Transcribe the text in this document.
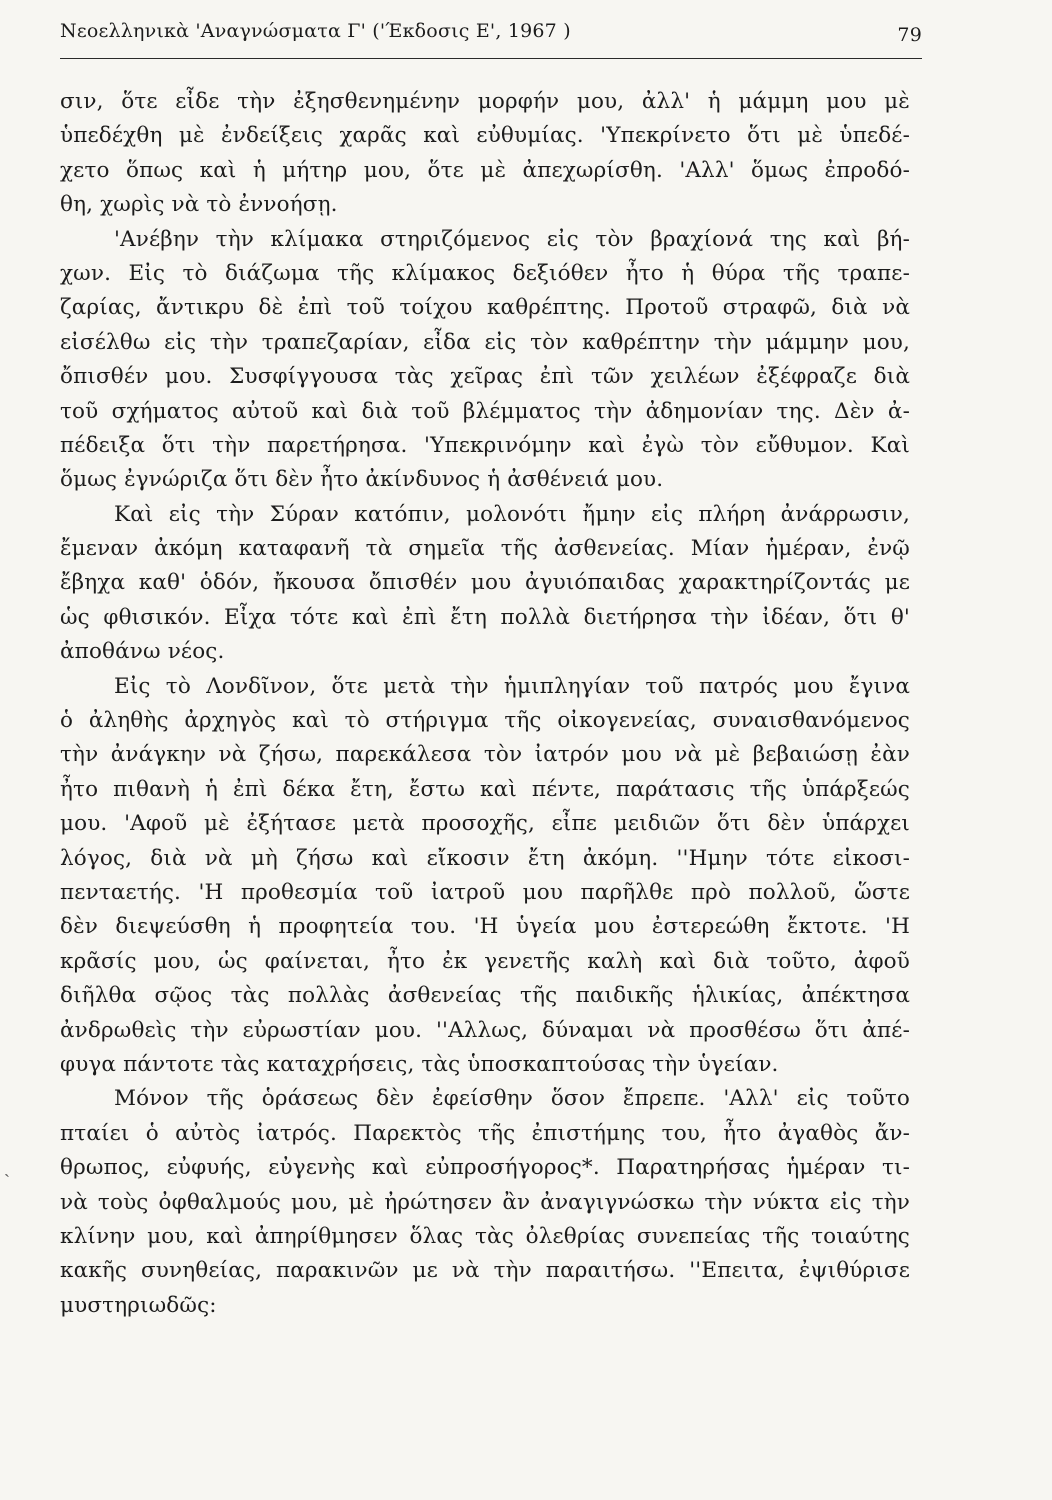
Νεοελληνικὰ 'Αναγνώσματα Γ' ('Έκδοσις Ε', 1967 )	79
ˎ
σιν, ὅτε εἶδε τὴν ἐξησθενημένην μορφήν μου, ἀλλ' ἡ μάμμη μου μὲ
ὑπεδέχθη μὲ ἐνδείξεις χαρᾶς καὶ εὐθυμίας. 'Υπεκρίνετο ὅτι μὲ ὑπεδέ-
χετο ὅπως καὶ ἡ μήτηρ μου, ὅτε μὲ ἀπεχωρίσθη. 'Αλλ' ὅμως ἐπροδό-
θη, χωρὶς νὰ τὸ ἐννοήσῃ.
'Ανέβην τὴν κλίμακα στηριζόμενος εἰς τὸν βραχίονά της καὶ βή-
χων. Εἰς τὸ διάζωμα τῆς κλίμακος δεξιόθεν ἦτο ἡ θύρα τῆς τραπε-
ζαρίας, ἄντικρυ δὲ ἐπὶ τοῦ τοίχου καθρέπτης. Προτοῦ στραφῶ, διὰ νὰ
εἰσέλθω εἰς τὴν τραπεζαρίαν, εἶδα εἰς τὸν καθρέπτην τὴν μάμμην μου,
ὄπισθέν μου. Συσφίγγουσα τὰς χεῖρας ἐπὶ τῶν χειλέων ἐξέφραζε διὰ
τοῦ σχήματος αὐτοῦ καὶ διὰ τοῦ βλέμματος τὴν ἀδημονίαν της. Δὲν ἀ-
πέδειξα ὅτι τὴν παρετήρησα. 'Υπεκρινόμην καὶ ἐγὼ τὸν εὔθυμον. Καὶ
ὅμως ἐγνώριζα ὅτι δὲν ἦτο ἀκίνδυνος ἡ ἀσθένειά μου.
Καὶ εἰς τὴν Σύραν κατόπιν, μολονότι ἤμην εἰς πλήρη ἀνάρρωσιν,
ἔμεναν ἀκόμη καταφανῆ τὰ σημεῖα τῆς ἀσθενείας. Μίαν ἡμέραν, ἐνῷ
ἔβηχα καθ' ὁδόν, ἤκουσα ὄπισθέν μου ἀγυιόπαιδας χαρακτηρίζοντάς με
ὡς φθισικόν. Εἶχα τότε καὶ ἐπὶ ἔτη πολλὰ διετήρησα τὴν ἰδέαν, ὅτι θ'
ἀποθάνω νέος.
Εἰς τὸ Λονδῖνον, ὅτε μετὰ τὴν ἡμιπληγίαν τοῦ πατρός μου ἔγινα
ὁ ἀληθὴς ἀρχηγὸς καὶ τὸ στήριγμα τῆς οἰκογενείας, συναισθανόμενος
τὴν ἀνάγκην νὰ ζήσω, παρεκάλεσα τὸν ἰατρόν μου νὰ μὲ βεβαιώσῃ ἐὰν
ἦτο πιθανὴ ἡ ἐπὶ δέκα ἔτη, ἔστω καὶ πέντε, παράτασις τῆς ὑπάρξεώς
μου. 'Αφοῦ μὲ ἐξήτασε μετὰ προσοχῆς, εἶπε μειδιῶν ὅτι δὲν ὑπάρχει
λόγος, διὰ νὰ μὴ ζήσω καὶ εἴκοσιν ἔτη ἀκόμη. ''Ημην τότε εἰκοσι-
πενταετής. 'Η προθεσμία τοῦ ἰατροῦ μου παρῆλθε πρὸ πολλοῦ, ὥστε
δὲν διεψεύσθη ἡ προφητεία του. 'Η ὑγεία μου ἐστερεώθη ἔκτοτε. 'Η
κρᾶσίς μου, ὡς φαίνεται, ἦτο ἐκ γενετῆς καλὴ καὶ διὰ τοῦτο, ἀφοῦ
διῆλθα σῷος τὰς πολλὰς ἀσθενείας τῆς παιδικῆς ἡλικίας, ἀπέκτησα
ἀνδρωθεὶς τὴν εὐρωστίαν μου. ''Αλλως, δύναμαι νὰ προσθέσω ὅτι ἀπέ-
φυγα πάντοτε τὰς καταχρήσεις, τὰς ὑποσκαπτούσας τὴν ὑγείαν.
Μόνον τῆς ὁράσεως δὲν ἐφείσθην ὅσον ἔπρεπε. 'Αλλ' εἰς τοῦτο
πταίει ὁ αὐτὸς ἰατρός. Παρεκτὸς τῆς ἐπιστήμης του, ἦτο ἀγαθὸς ἄν-
θρωπος, εὐφυής, εὐγενὴς καὶ εὐπροσήγορος*. Παρατηρήσας ἡμέραν τι-
νὰ τοὺς ὀφθαλμούς μου, μὲ ἠρώτησεν ἂν ἀναγιγνώσκω τὴν νύκτα εἰς τὴν
κλίνην μου, καὶ ἀπηρίθμησεν ὅλας τὰς ὀλεθρίας συνεπείας τῆς τοιαύτης
κακῆς συνηθείας, παρακινῶν με νὰ τὴν παραιτήσω. ''Επειτα, ἐψιθύρισε
μυστηριωδῶς:
